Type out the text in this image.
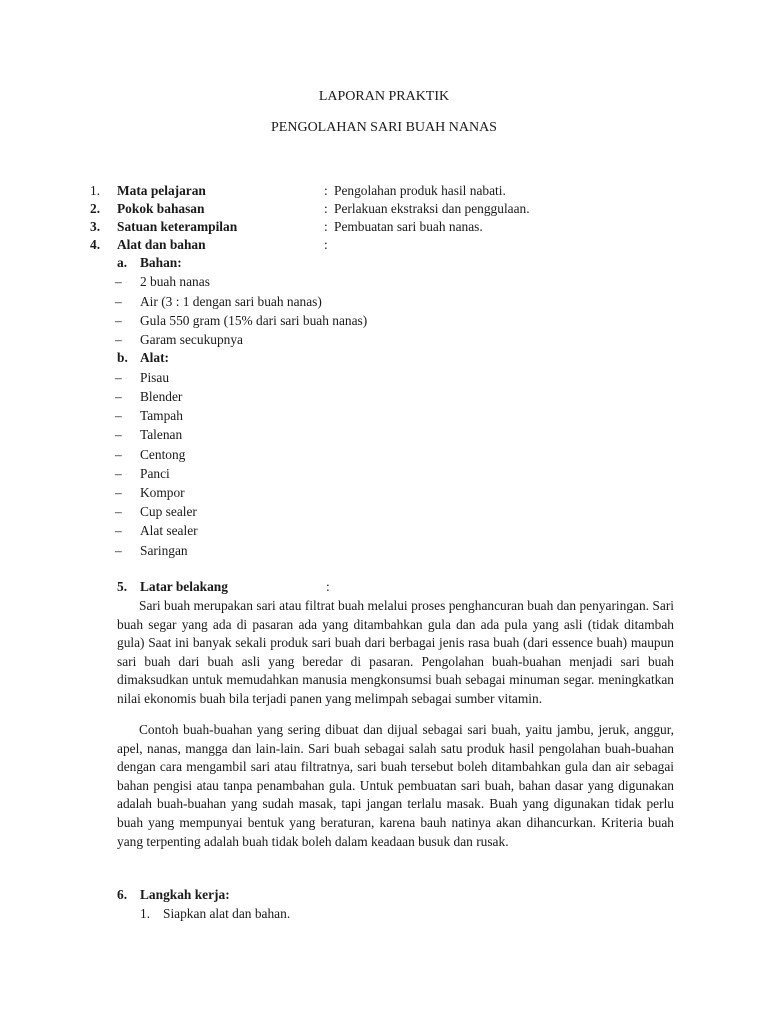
LAPORAN PRAKTIK
PENGOLAHAN SARI BUAH NANAS
1. Mata pelajaran	: Pengolahan produk hasil nabati.
2. Pokok bahasan	: Perlakuan ekstraksi dan penggulaan.
3. Satuan keterampilan	: Pembuatan sari buah nanas.
4. Alat dan bahan	:
a. Bahan:
– 2 buah nanas
– Air (3 : 1 dengan sari buah nanas)
– Gula 550 gram (15% dari sari buah nanas)
– Garam secukupnya
b. Alat:
– Pisau
– Blender
– Tampah
– Talenan
– Centong
– Panci
– Kompor
– Cup sealer
– Alat sealer
– Saringan
5. Latar belakang	:

Sari buah merupakan sari atau filtrat buah melalui proses penghancuran buah dan penyaringan. Sari buah segar yang ada di pasaran ada yang ditambahkan gula dan ada pula yang asli (tidak ditambah gula) Saat ini banyak sekali produk sari buah dari berbagai jenis rasa buah (dari essence buah) maupun sari buah dari buah asli yang beredar di pasaran. Pengolahan buah-buahan menjadi sari buah dimaksudkan untuk memudahkan manusia mengkonsumsi buah sebagai minuman segar. meningkatkan nilai ekonomis buah bila terjadi panen yang melimpah sebagai sumber vitamin.

Contoh buah-buahan yang sering dibuat dan dijual sebagai sari buah, yaitu jambu, jeruk, anggur, apel, nanas, mangga dan lain-lain. Sari buah sebagai salah satu produk hasil pengolahan buah-buahan dengan cara mengambil sari atau filtratnya, sari buah tersebut boleh ditambahkan gula dan air sebagai bahan pengisi atau tanpa penambahan gula. Untuk pembuatan sari buah, bahan dasar yang digunakan adalah buah-buahan yang sudah masak, tapi jangan terlalu masak. Buah yang digunakan tidak perlu buah yang mempunyai bentuk yang beraturan, karena bauh natinya akan dihancurkan. Kriteria buah yang terpenting adalah buah tidak boleh dalam keadaan busuk dan rusak.

6. Langkah kerja:
1. Siapkan alat dan bahan.
